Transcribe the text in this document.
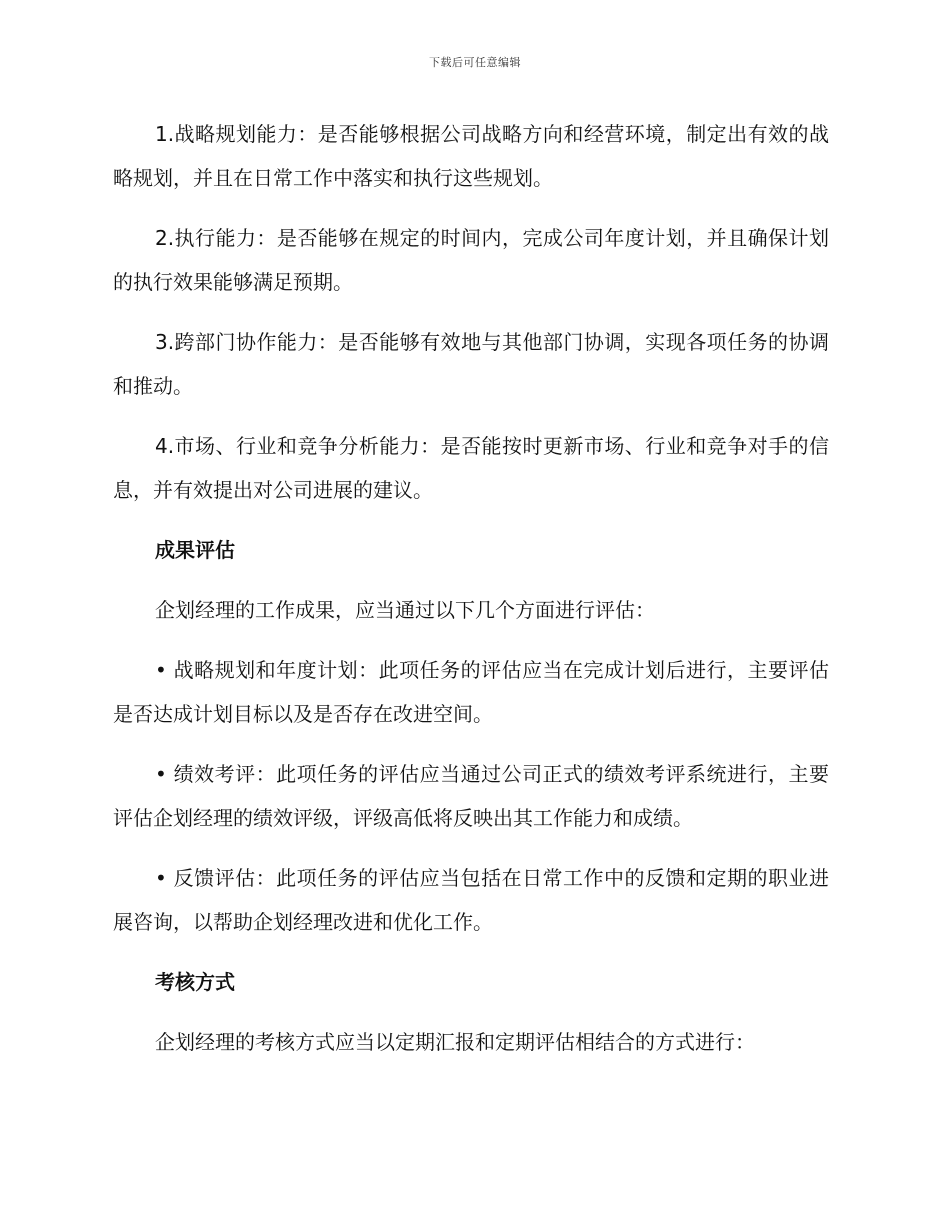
下载后可任意编辑

1.战略规划能力：是否能够根据公司战略方向和经营环境，制定出有效的战略规划，并且在日常工作中落实和执行这些规划。

2.执行能力：是否能够在规定的时间内，完成公司年度计划，并且确保计划的执行效果能够满足预期。

3.跨部门协作能力：是否能够有效地与其他部门协调，实现各项任务的协调和推动。

4.市场、行业和竞争分析能力：是否能按时更新市场、行业和竞争对手的信息，并有效提出对公司进展的建议。

成果评估

企划经理的工作成果，应当通过以下几个方面进行评估：

• 战略规划和年度计划：此项任务的评估应当在完成计划后进行，主要评估是否达成计划目标以及是否存在改进空间。

• 绩效考评：此项任务的评估应当通过公司正式的绩效考评系统进行，主要评估企划经理的绩效评级，评级高低将反映出其工作能力和成绩。

• 反馈评估：此项任务的评估应当包括在日常工作中的反馈和定期的职业进展咨询，以帮助企划经理改进和优化工作。

考核方式

企划经理的考核方式应当以定期汇报和定期评估相结合的方式进行：
